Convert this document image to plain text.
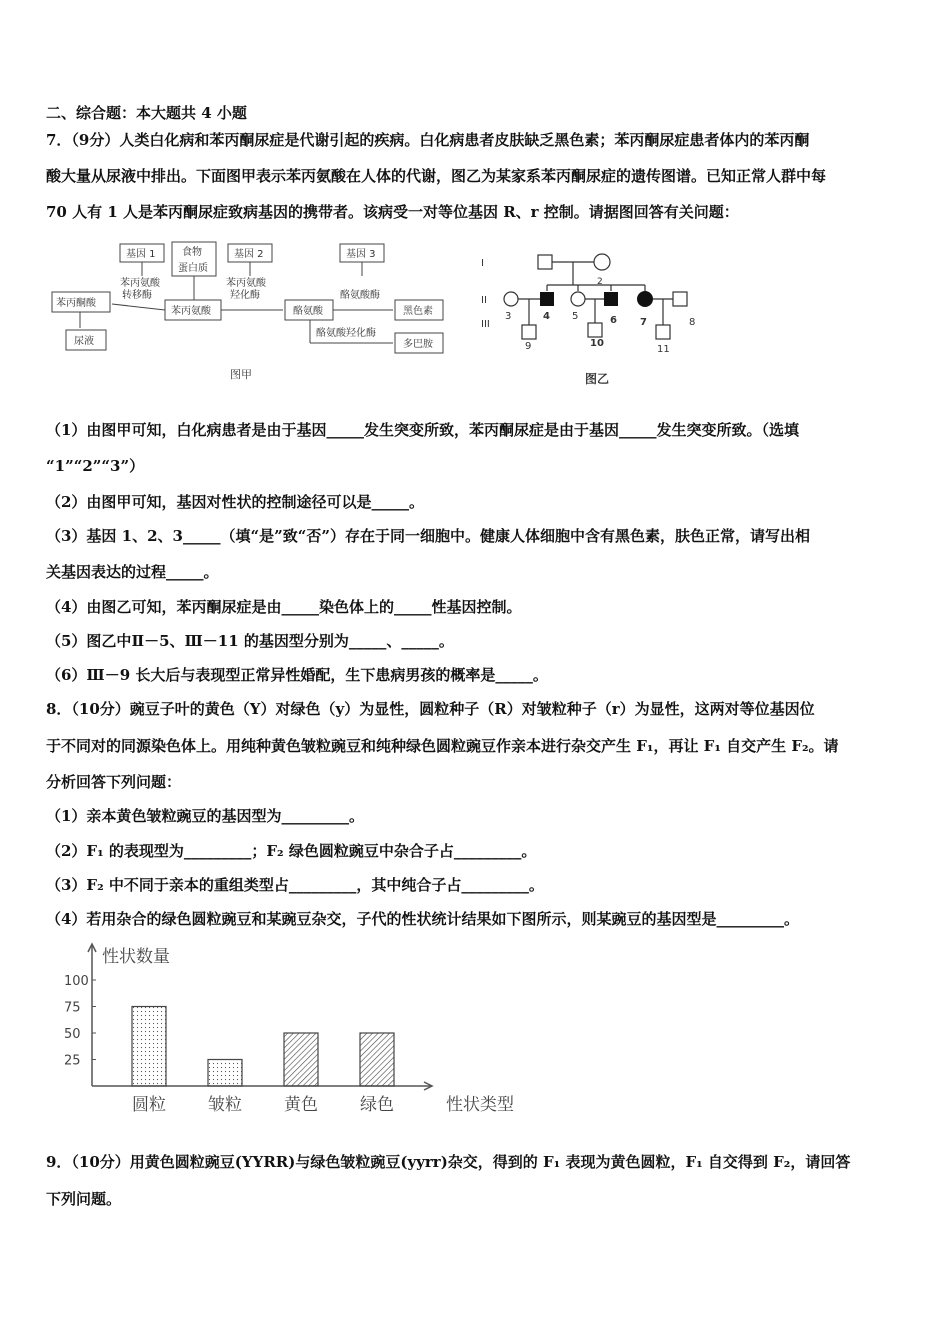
二、综合题：本大题共 4 小题
7．（9分）人类白化病和苯丙酮尿症是代谢引起的疾病。白化病患者皮肤缺乏黑色素；苯丙酮尿症患者体内的苯丙酮
酸大量从尿液中排出。下面图甲表示苯丙氨酸在人体的代谢，图乙为某家系苯丙酮尿症的遗传图谱。已知正常人群中每
70 人有 1 人是苯丙酮尿症致病基因的携带者。该病受一对等位基因 R、r 控制。请据图回答有关问题：
基因 1	食物
蛋白质
基因 2	基因 3
苯丙氨酸
转移酶
苯丙氨酸
羟化酶	酪氨酸酶
酪氨酸羟化酶
苯丙氨酸
苯丙酮酸
尿液
酪氨酸	黑色素
多巴胺
图甲
I
II
III
2
3	4 5	6 7	8
9	10
11
图乙
（1）由图甲可知，白化病患者是由于基因_____发生突变所致，苯丙酮尿症是由于基因_____发生突变所致。（选填
“1”“2”“3”）
（2）由图甲可知，基因对性状的控制途径可以是_____。
（3）基因 1、2、3_____（填“是”致“否”）存在于同一细胞中。健康人体细胞中含有黑色素，肤色正常，请写出相
关基因表达的过程_____。
（4）由图乙可知，苯丙酮尿症是由_____染色体上的_____性基因控制。
（5）图乙中Ⅱ－5、Ⅲ－11 的基因型分别为_____、_____。
（6）Ⅲ－9 长大后与表现型正常异性婚配，生下患病男孩的概率是_____。
8．（10分）豌豆子叶的黄色（Y）对绿色（y）为显性，圆粒种子（R）对皱粒种子（r）为显性，这两对等位基因位
于不同对的同源染色体上。用纯种黄色皱粒豌豆和纯种绿色圆粒豌豆作亲本进行杂交产生 F₁，再让 F₁ 自交产生 F₂。请
分析回答下列问题：
（1）亲本黄色皱粒豌豆的基因型为_________。
（2）F₁ 的表现型为_________；F₂ 绿色圆粒豌豆中杂合子占_________。
（3）F₂ 中不同于亲本的重组类型占_________，其中纯合子占_________。
（4）若用杂合的绿色圆粒豌豆和某豌豆杂交，子代的性状统计结果如下图所示，则某豌豆的基因型是_________。
性状数量
性状类型
100
75
50
25
圆粒 皱粒 黄色 绿色
9．（10分）用黄色圆粒豌豆(YYRR)与绿色皱粒豌豆(yyrr)杂交，得到的 F₁ 表现为黄色圆粒，F₁ 自交得到 F₂，请回答
下列问题。
